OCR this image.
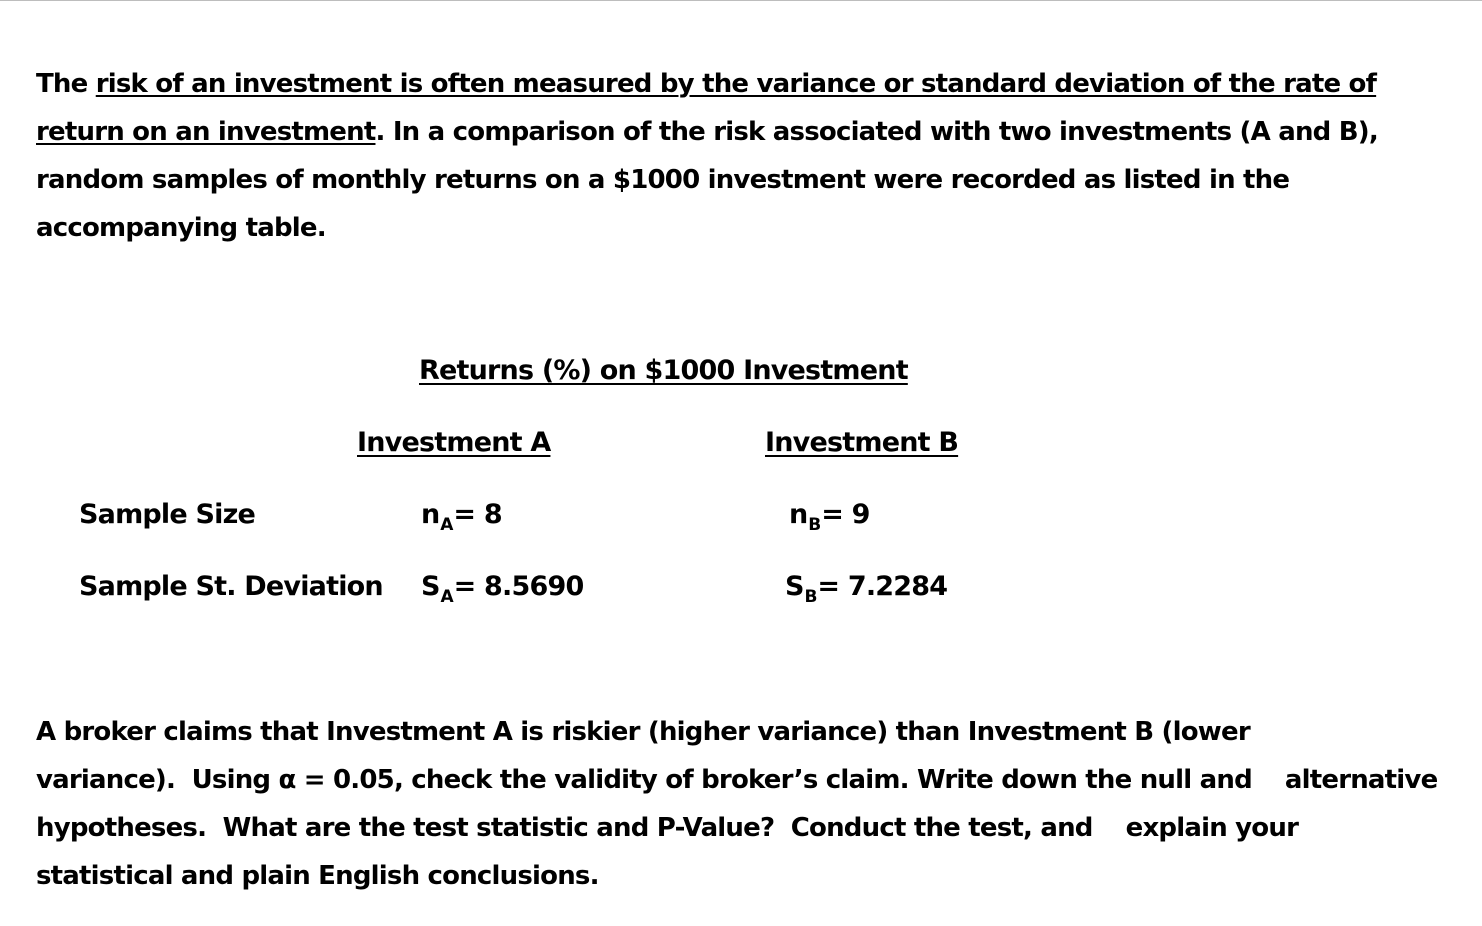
The risk of an investment is often measured by the variance or standard deviation of the rate of
return on an investment. In a comparison of the risk associated with two investments (A and B),
random samples of monthly returns on a $1000 investment were recorded as listed in the
accompanying table.
Returns (%) on $1000 Investment
Investment A	Investment B
Sample Size	$n_A= 8$	$n_B= 9$
Sample St. Deviation $S_A= 8.5690$	$S_B= 7.2284$
A broker claims that Investment A is riskier (higher variance) than Investment B (lower
variance).  Using α = 0.05, check the validity of broker’s claim. Write down the null and    alternative
hypotheses.  What are the test statistic and P-Value?  Conduct the test, and    explain your
statistical and plain English conclusions.
